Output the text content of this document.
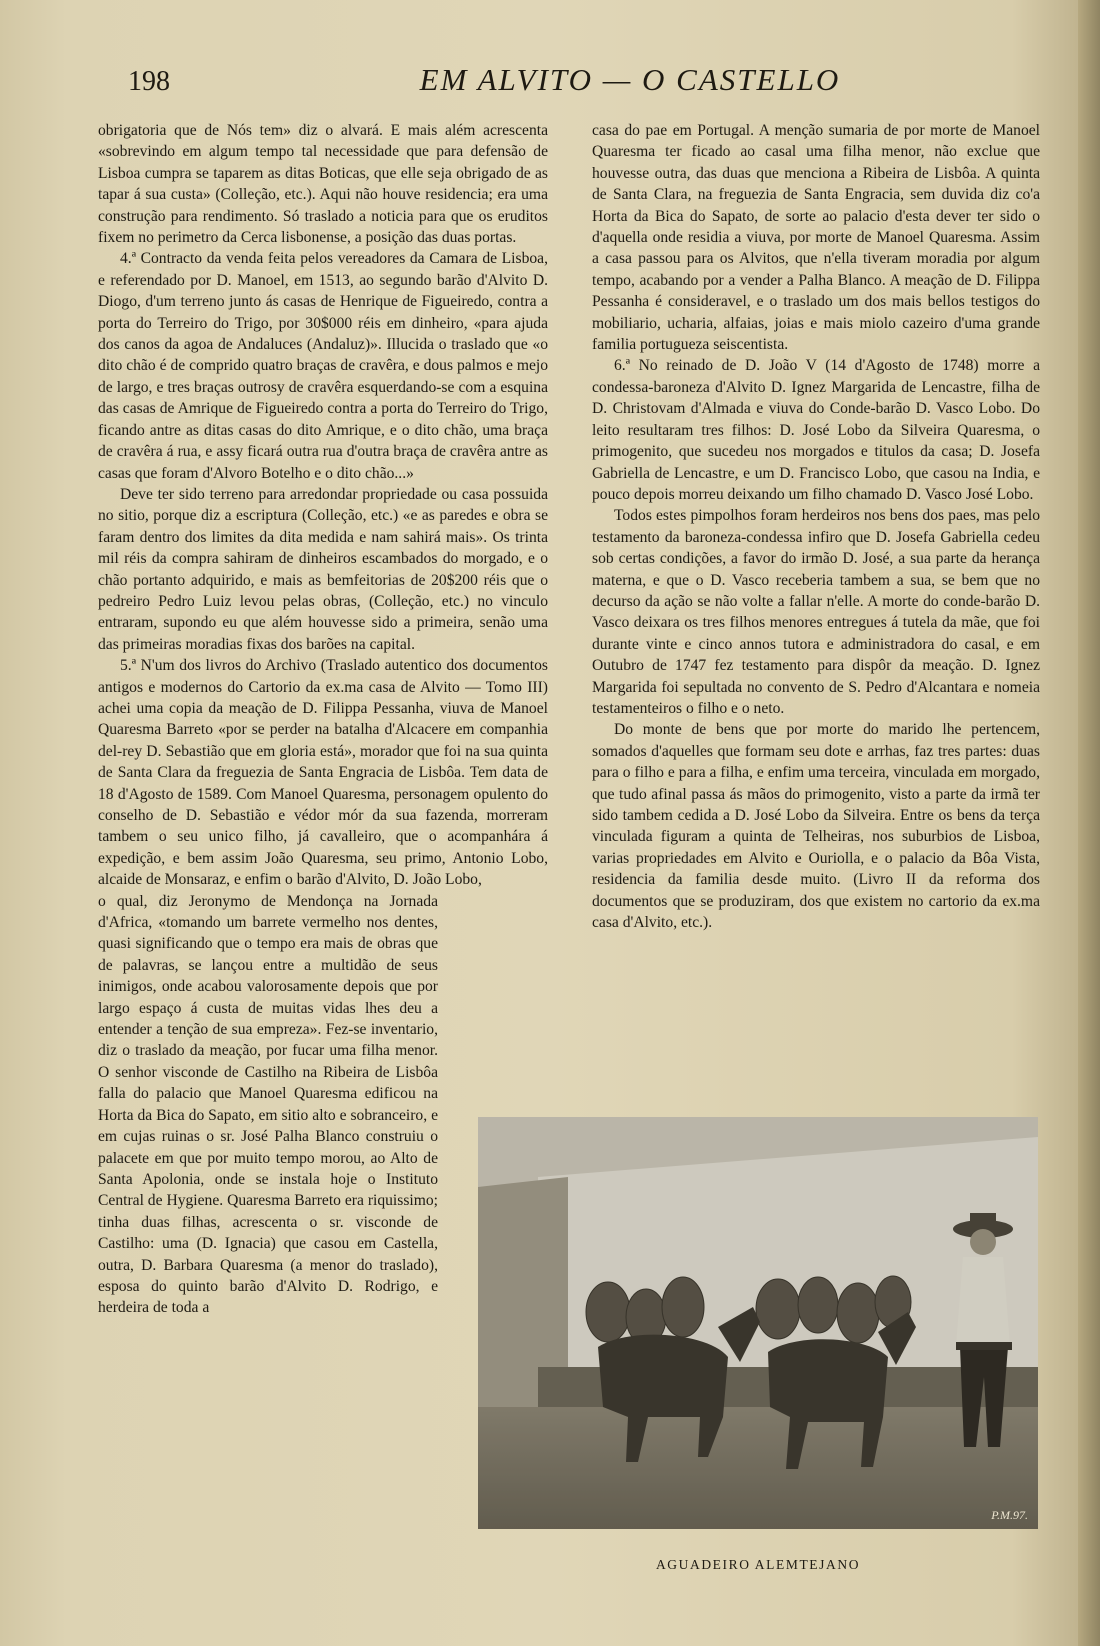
198	EM ALVITO — O CASTELLO

obrigatoria que de Nós tem» diz o alvará. E mais além acrescenta «sobrevindo em algum tempo tal necessidade que para defensão de Lisboa cumpra se taparem as ditas Boticas, que elle seja obrigado de as tapar á sua custa» (Colleção, etc.). Aqui não houve residencia; era uma construção para rendimento. Só traslado a noticia para que os eruditos fixem no perimetro da Cerca lisbonense, a posição das duas portas.

4.ª Contracto da venda feita pelos vereadores da Camara de Lisboa, e referendado por D. Manoel, em 1513, ao segundo barão d'Alvito D. Diogo, d'um terreno junto ás casas de Henrique de Figueiredo, contra a porta do Terreiro do Trigo, por 30$000 réis em dinheiro, «para ajuda dos canos da agoa de Andaluces (Andaluz)». Illucida o traslado que «o dito chão é de comprido quatro braças de cravêra, e dous palmos e mejo de largo, e tres braças outrosy de cravêra esquerdando-se com a esquina das casas de Amrique de Figueiredo contra a porta do Terreiro do Trigo, ficando antre as ditas casas do dito Amrique, e o dito chão, uma braça de cravêra á rua, e assy ficará outra rua d'outra braça de cravêra antre as casas que foram d'Alvoro Botelho e o dito chão...»

Deve ter sido terreno para arredondar propriedade ou casa possuida no sitio, porque diz a escriptura (Colleção, etc.) «e as paredes e obra se faram dentro dos limites da dita medida e nam sahirá mais». Os trinta mil réis da compra sahiram de dinheiros escambados do morgado, e o chão portanto adquirido, e mais as bemfeitorias de 20$200 réis que o pedreiro Pedro Luiz levou pelas obras, (Colleção, etc.) no vinculo entraram, supondo eu que além houvesse sido a primeira, senão uma das primeiras moradias fixas dos barões na capital.

5.ª N'um dos livros do Archivo (Traslado autentico dos documentos antigos e modernos do Cartorio da ex.ma casa de Alvito — Tomo III) achei uma copia da meação de D. Filippa Pessanha, viuva de Manoel Quaresma Barreto «por se perder na batalha d'Alcacere em companhia del-rey D. Sebastião que em gloria está», morador que foi na sua quinta de Santa Clara da freguezia de Santa Engracia de Lisbôa. Tem data de 18 d'Agosto de 1589. Com Manoel Quaresma, personagem opulento do conselho de D. Sebastião e védor mór da sua fazenda, morreram tambem o seu unico filho, já cavalleiro, que o acompanhára á expedição, e bem assim João Quaresma, seu primo, Antonio Lobo, alcaide de Monsaraz, e enfim o barão d'Alvito, D. João Lobo,

o qual, diz Jeronymo de Mendonça na Jornada d'Africa, «tomando um barrete vermelho nos dentes, quasi significando que o tempo era mais de obras que de palavras, se lançou entre a multidão de seus inimigos, onde acabou valorosamente depois que por largo espaço á custa de muitas vidas lhes deu a entender a tenção de sua empreza». Fez-se inventario, diz o traslado da meação, por fucar uma filha menor. O senhor visconde de Castilho na Ribeira de Lisbôa falla do palacio que Manoel Quaresma edificou na Horta da Bica do Sapato, em sitio alto e sobranceiro, e em cujas ruinas o sr. José Palha Blanco construiu o palacete em que por muito tempo morou, ao Alto de Santa Apolonia, onde se instala hoje o Instituto Central de Hygiene. Quaresma Barreto era riquissimo; tinha duas filhas, acrescenta o sr. visconde de Castilho: uma (D. Ignacia) que casou em Castella, outra, D. Barbara Quaresma (a menor do traslado), esposa do quinto barão d'Alvito D. Rodrigo, e herdeira de toda a

casa do pae em Portugal. A menção sumaria de por morte de Manoel Quaresma ter ficado ao casal uma filha menor, não exclue que houvesse outra, das duas que menciona a Ribeira de Lisbôa. A quinta de Santa Clara, na freguezia de Santa Engracia, sem duvida diz co'a Horta da Bica do Sapato, de sorte ao palacio d'esta dever ter sido o d'aquella onde residia a viuva, por morte de Manoel Quaresma. Assim a casa passou para os Alvitos, que n'ella tiveram moradia por algum tempo, acabando por a vender a Palha Blanco. A meação de D. Filippa Pessanha é consideravel, e o traslado um dos mais bellos testigos do mobiliario, ucharia, alfaias, joias e mais miolo cazeiro d'uma grande familia portugueza seiscentista.

6.ª No reinado de D. João V (14 d'Agosto de 1748) morre a condessa-baroneza d'Alvito D. Ignez Margarida de Lencastre, filha de D. Christovam d'Almada e viuva do Conde-barão D. Vasco Lobo. Do leito resultaram tres filhos: D. José Lobo da Silveira Quaresma, o primogenito, que sucedeu nos morgados e titulos da casa; D. Josefa Gabriella de Lencastre, e um D. Francisco Lobo, que casou na India, e pouco depois morreu deixando um filho chamado D. Vasco José Lobo.

Todos estes pimpolhos foram herdeiros nos bens dos paes, mas pelo testamento da baroneza-condessa infiro que D. Josefa Gabriella cedeu sob certas condições, a favor do irmão D. José, a sua parte da herança materna, e que o D. Vasco receberia tambem a sua, se bem que no decurso da ação se não volte a fallar n'elle. A morte do conde-barão D. Vasco deixara os tres filhos menores entregues á tutela da mãe, que foi durante vinte e cinco annos tutora e administradora do casal, e em Outubro de 1747 fez testamento para dispôr da meação. D. Ignez Margarida foi sepultada no convento de S. Pedro d'Alcantara e nomeia testamenteiros o filho e o neto.

Do monte de bens que por morte do marido lhe pertencem, somados d'aquelles que formam seu dote e arrhas, faz tres partes: duas para o filho e para a filha, e enfim uma terceira, vinculada em morgado, que tudo afinal passa ás mãos do primogenito, visto a parte da irmã ter sido tambem cedida a D. José Lobo da Silveira. Entre os bens da terça vinculada figuram a quinta de Telheiras, nos suburbios de Lisboa, varias propriedades em Alvito e Ouriolla, e o palacio da Bôa Vista, residencia da familia desde muito. (Livro II da reforma dos documentos que se produziram, dos que existem no cartorio da ex.ma casa d'Alvito, etc.).

P.M.97.
AGUADEIRO ALEMTEJANO
